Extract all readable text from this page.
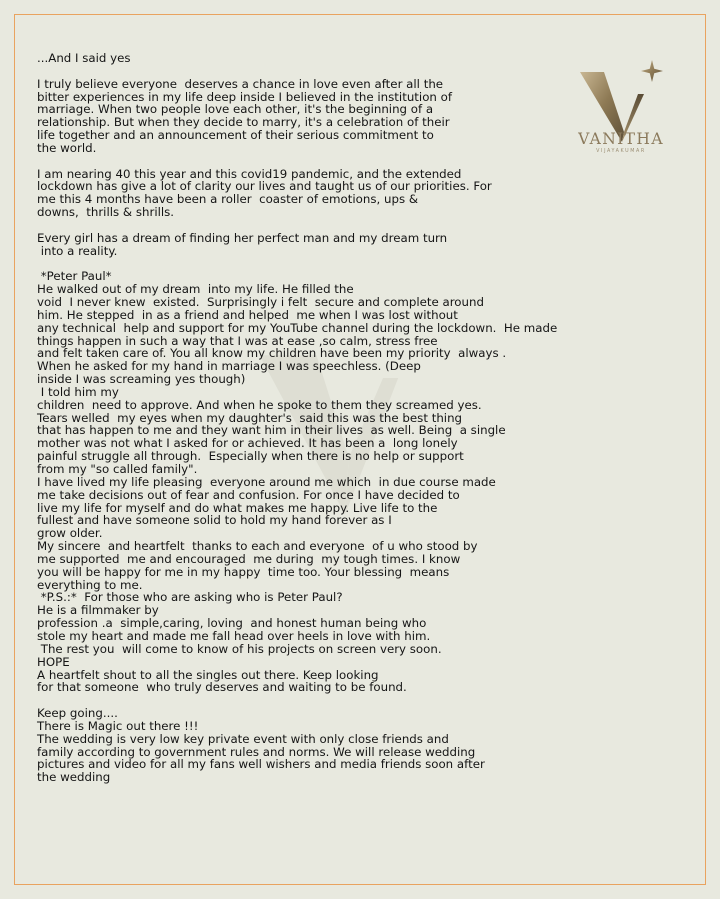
VANITHA
VIJAYAKUMAR
...And I said yes
I truly believe everyone  deserves a chance in love even after all the
bitter experiences in my life deep inside I believed in the institution of
marriage. When two people love each other, it's the beginning of a
relationship. But when they decide to marry, it's a celebration of their
life together and an announcement of their serious commitment to
the world.
I am nearing 40 this year and this covid19 pandemic, and the extended
lockdown has give a lot of clarity our lives and taught us of our priorities. For
me this 4 months have been a roller  coaster of emotions, ups &
downs,  thrills & shrills.
Every girl has a dream of finding her perfect man and my dream turn
into a reality.
*Peter Paul*
He walked out of my dream  into my life. He filled the
void  I never knew  existed.  Surprisingly i felt  secure and complete around
him. He stepped  in as a friend and helped  me when I was lost without
any technical  help and support for my YouTube channel during the lockdown.  He made
things happen in such a way that I was at ease ,so calm, stress free
and felt taken care of. You all know my children have been my priority  always .
When he asked for my hand in marriage I was speechless. (Deep
inside I was screaming yes though)
I told him my
children  need to approve. And when he spoke to them they screamed yes.
Tears welled  my eyes when my daughter's  said this was the best thing
that has happen to me and they want him in their lives  as well. Being  a single
mother was not what I asked for or achieved. It has been a  long lonely
painful struggle all through.  Especially when there is no help or support
from my "so called family".
I have lived my life pleasing  everyone around me which  in due course made
me take decisions out of fear and confusion. For once I have decided to
live my life for myself and do what makes me happy. Live life to the
fullest and have someone solid to hold my hand forever as I
grow older.
My sincere  and heartfelt  thanks to each and everyone  of u who stood by
me supported  me and encouraged  me during  my tough times. I know
you will be happy for me in my happy  time too. Your blessing  means
everything to me.
*P.S.:*  For those who are asking who is Peter Paul?
He is a filmmaker by
profession .a  simple,caring, loving  and honest human being who
stole my heart and made me fall head over heels in love with him.
The rest you  will come to know of his projects on screen very soon.
HOPE
A heartfelt shout to all the singles out there. Keep looking
for that someone  who truly deserves and waiting to be found.
Keep going....
There is Magic out there !!!
The wedding is very low key private event with only close friends and
family according to government rules and norms. We will release wedding
pictures and video for all my fans well wishers and media friends soon after
the wedding
